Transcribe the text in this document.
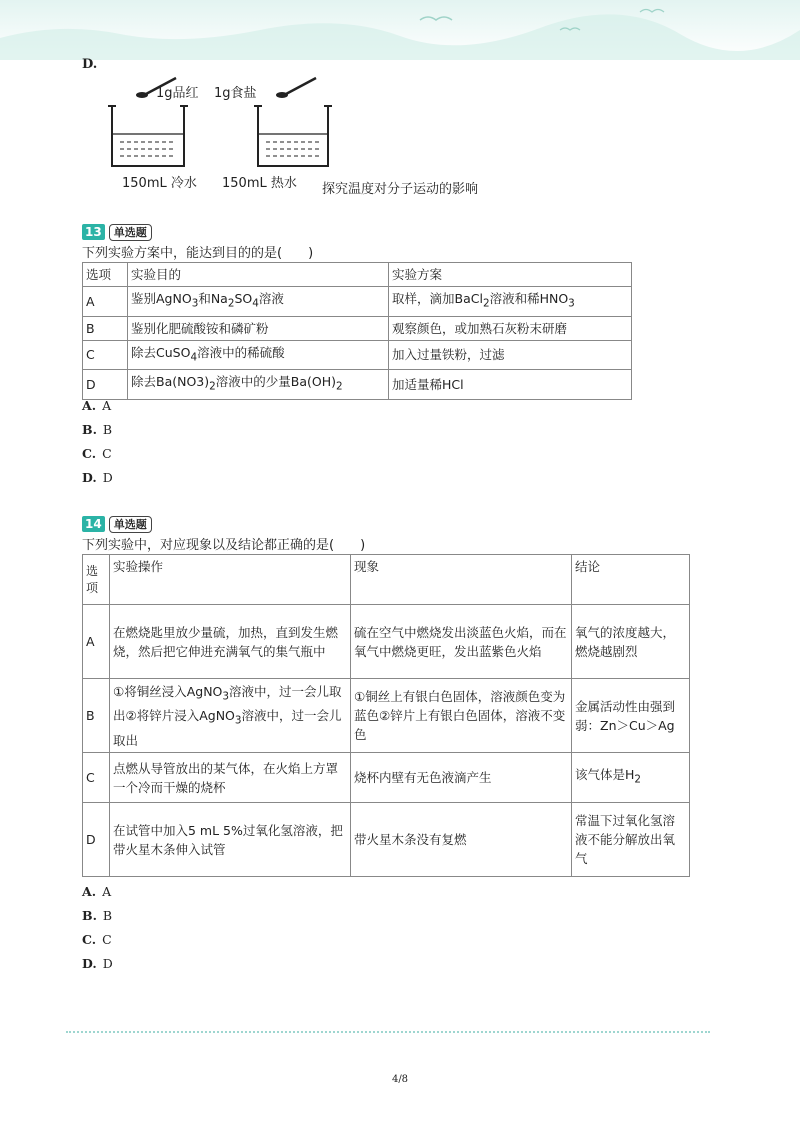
D.
1g品红 1g食盐
150mL 冷水 150mL 热水 探究温度对分子运动的影响
13 单选题
下列实验方案中，能达到目的的是(　　)
选项	实验目的	实验方案
A	鉴别AgNO$_3$和$Na_2SO_4$溶液	取样，滴加BaCl$_2$溶液和稀$HNO_3$
B	鉴别化肥硫酸铵和磷矿粉	观察颜色，或加熟石灰粉末研磨
C	除去CuSO$_4$溶液中的稀硫酸	加入过量铁粉，过滤
D	除去$Ba(NO3)_2$溶液中的少量$Ba(OH)_2$	加适量稀HCl
A. A
B. B
C. C
D. D
14 单选题
下列实验中，对应现象以及结论都正确的是(　　)
选项	实验操作	现象	结论
A	在燃烧匙里放少量硫，加热，直到发生燃烧，然后把它伸进充满氧气的集气瓶中	硫在空气中燃烧发出淡蓝色火焰，而在氧气中燃烧更旺，发出蓝紫色火焰	氧气的浓度越大，燃烧越剧烈
B	①将铜丝浸入AgNO$_3$溶液中，过一会儿取出②将锌片浸入AgNO$_3$溶液中，过一会儿取出	①铜丝上有银白色固体，溶液颜色变为蓝色②锌片上有银白色固体，溶液不变色	金属活动性由强到弱：Zn＞Cu＞Ag
C	点燃从导管放出的某气体，在火焰上方罩一个冷而干燥的烧杯	烧杯内壁有无色液滴产生	该气体是$H_2$
D	在试管中加入5 mL 5%过氧化氢溶液，把带火星木条伸入试管	带火星木条没有复燃	常温下过氧化氢溶液不能分解放出氧气
A. A
B. B
C. C
D. D
4/8
